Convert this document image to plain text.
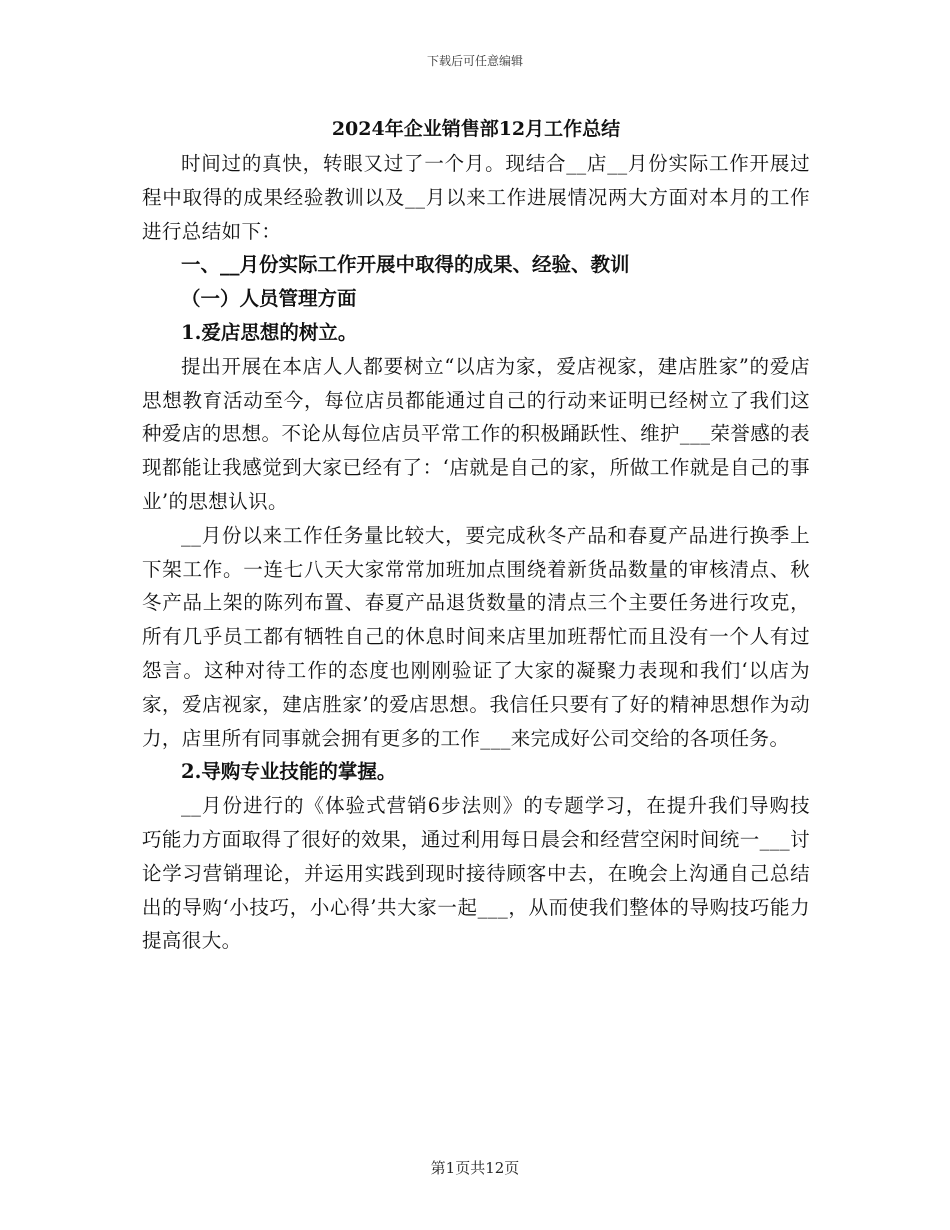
下载后可任意编辑
2024年企业销售部12月工作总结

时间过的真快，转眼又过了一个月。现结合__店__月份实际工作开展过程中取得的成果经验教训以及__月以来工作进展情况两大方面对本月的工作进行总结如下：

一、__月份实际工作开展中取得的成果、经验、教训

（一）人员管理方面

1.爱店思想的树立。

提出开展在本店人人都要树立“以店为家，爱店视家，建店胜家”的爱店思想教育活动至今，每位店员都能通过自己的行动来证明已经树立了我们这种爱店的思想。不论从每位店员平常工作的积极踊跃性、维护___荣誉感的表现都能让我感觉到大家已经有了：‘店就是自己的家，所做工作就是自己的事业’的思想认识。

__月份以来工作任务量比较大，要完成秋冬产品和春夏产品进行换季上下架工作。一连七八天大家常常加班加点围绕着新货品数量的审核清点、秋冬产品上架的陈列布置、春夏产品退货数量的清点三个主要任务进行攻克，所有几乎员工都有牺牲自己的休息时间来店里加班帮忙而且没有一个人有过怨言。这种对待工作的态度也刚刚验证了大家的凝聚力表现和我们‘以店为家，爱店视家，建店胜家’的爱店思想。我信任只要有了好的精神思想作为动力，店里所有同事就会拥有更多的工作___来完成好公司交给的各项任务。

2.导购专业技能的掌握。

__月份进行的《体验式营销6步法则》的专题学习，在提升我们导购技巧能力方面取得了很好的效果，通过利用每日晨会和经营空闲时间统一___讨论学习营销理论，并运用实践到现时接待顾客中去，在晚会上沟通自己总结出的导购‘小技巧，小心得’共大家一起___，从而使我们整体的导购技巧能力提高很大。

第1页共12页
